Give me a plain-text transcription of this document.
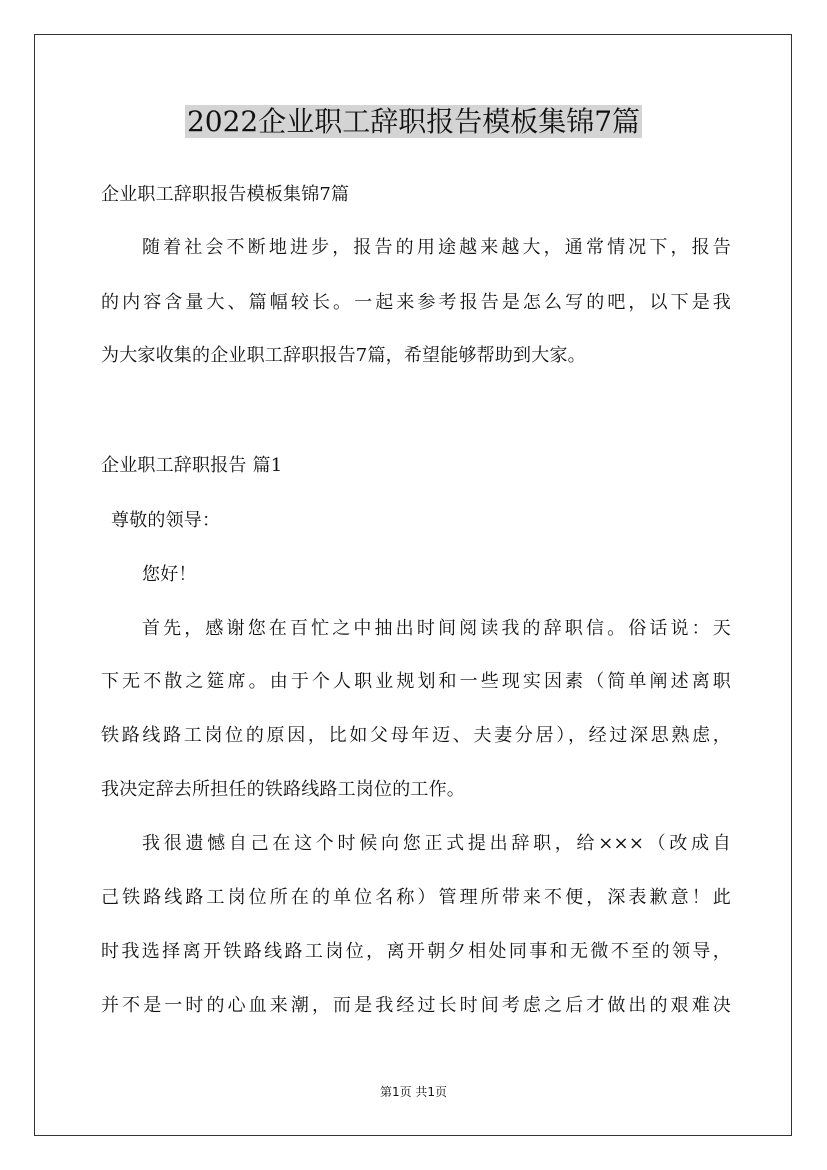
2022企业职工辞职报告模板集锦7篇
企业职工辞职报告模板集锦7篇
随着社会不断地进步，报告的用途越来越大，通常情况下，报告
的内容含量大、篇幅较长。一起来参考报告是怎么写的吧，以下是我
为大家收集的企业职工辞职报告7篇，希望能够帮助到大家。
企业职工辞职报告 篇1
尊敬的领导：
您好！
首先，感谢您在百忙之中抽出时间阅读我的辞职信。俗话说：天
下无不散之筵席。由于个人职业规划和一些现实因素（简单阐述离职
铁路线路工岗位的原因，比如父母年迈、夫妻分居），经过深思熟虑，
我决定辞去所担任的铁路线路工岗位的工作。
我很遗憾自己在这个时候向您正式提出辞职，给×××（改成自
己铁路线路工岗位所在的单位名称）管理所带来不便，深表歉意！此
时我选择离开铁路线路工岗位，离开朝夕相处同事和无微不至的领导，
并不是一时的心血来潮，而是我经过长时间考虑之后才做出的艰难决
第1页 共1页
